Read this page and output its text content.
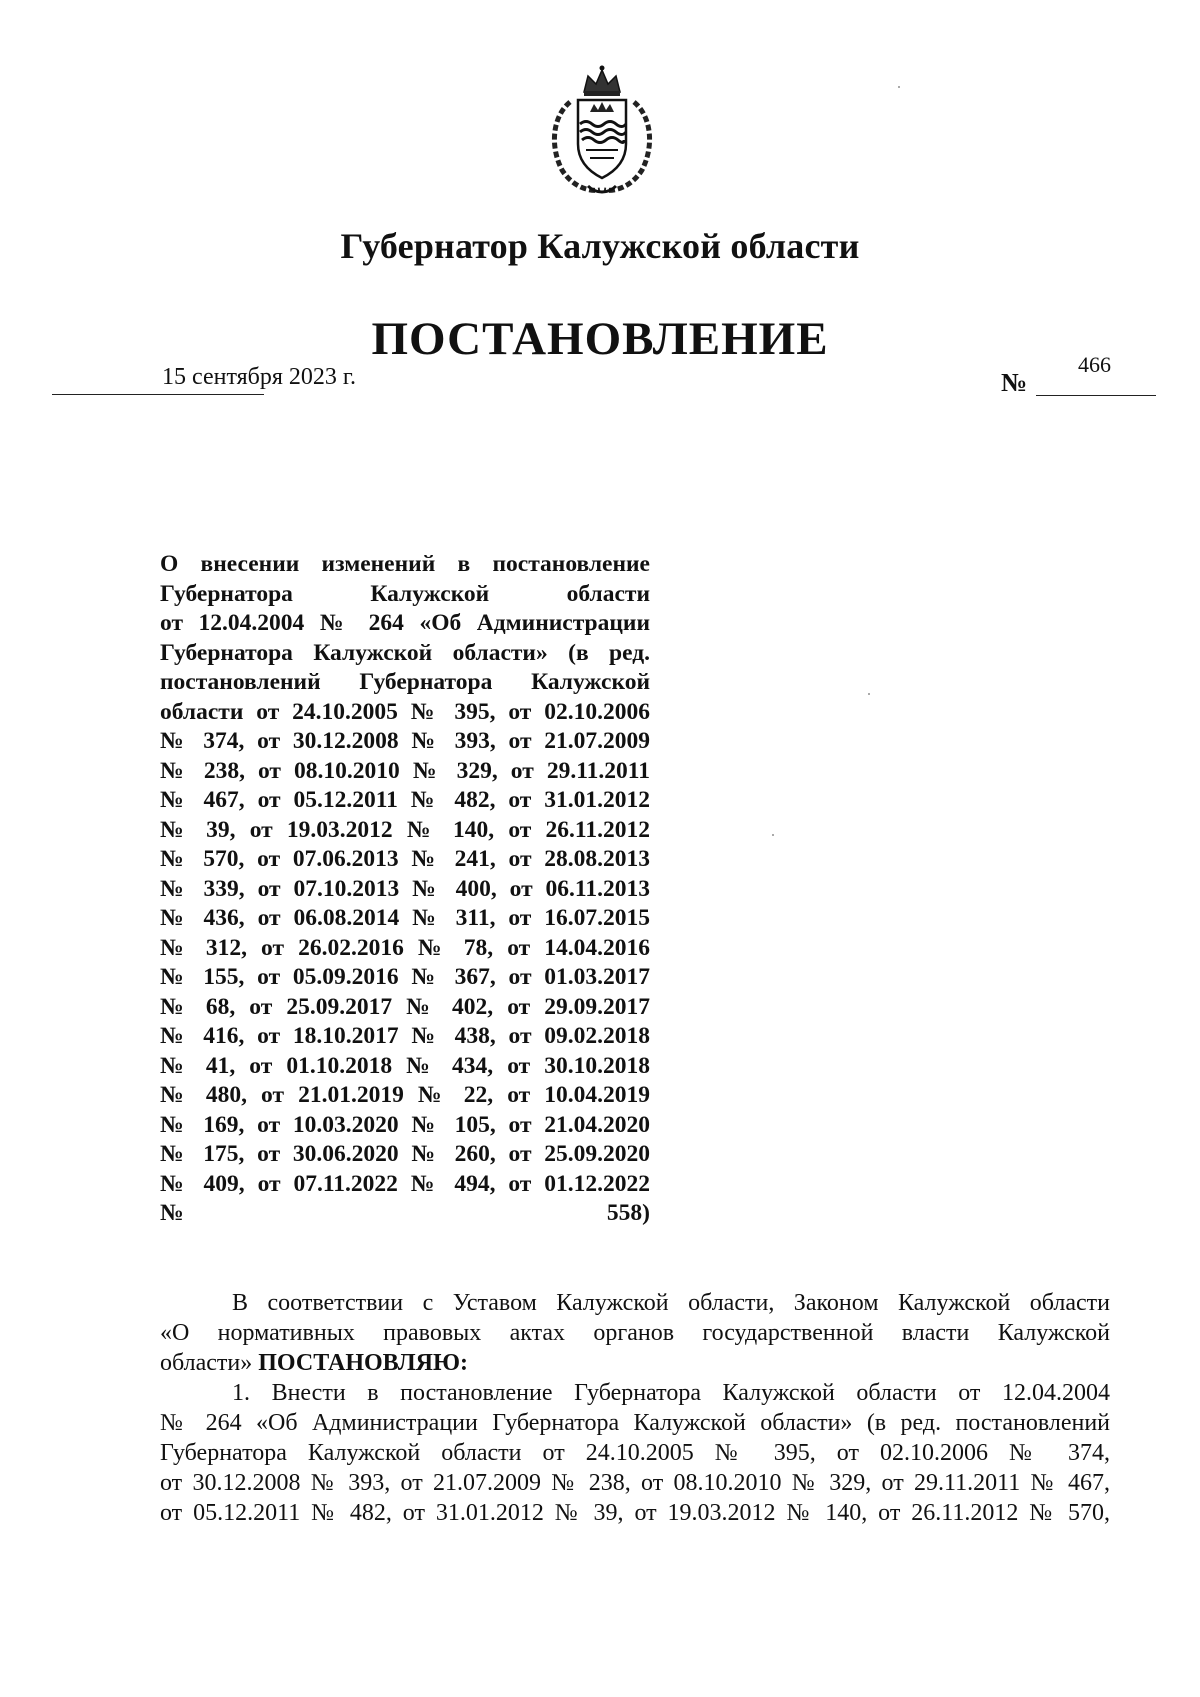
Губернатор Калужской области
ПОСТАНОВЛЕНИЕ
15 сентября 2023 г.	№
466
О внесении изменений в постановление
Губернатора Калужской области
от 12.04.2004 № 264 «Об Администрации
Губернатора Калужской области» (в ред.
постановлений Губернатора Калужской
области от 24.10.2005 № 395, от 02.10.2006
№ 374, от 30.12.2008 № 393, от 21.07.2009
№ 238, от 08.10.2010 № 329, от 29.11.2011
№ 467, от 05.12.2011 № 482, от 31.01.2012
№ 39, от 19.03.2012 № 140, от 26.11.2012
№ 570, от 07.06.2013 № 241, от 28.08.2013
№ 339, от 07.10.2013 № 400, от 06.11.2013
№ 436, от 06.08.2014 № 311, от 16.07.2015
№ 312, от 26.02.2016 № 78, от 14.04.2016
№ 155, от 05.09.2016 № 367, от 01.03.2017
№ 68, от 25.09.2017 № 402, от 29.09.2017
№ 416, от 18.10.2017 № 438, от 09.02.2018
№ 41, от 01.10.2018 № 434, от 30.10.2018
№ 480, от 21.01.2019 № 22, от 10.04.2019
№ 169, от 10.03.2020 № 105, от 21.04.2020
№ 175, от 30.06.2020 № 260, от 25.09.2020
№ 409, от 07.11.2022 № 494, от 01.12.2022
№ 558)
В соответствии с Уставом Калужской области, Законом Калужской области
«О нормативных правовых актах органов государственной власти Калужской
области» ПОСТАНОВЛЯЮ:
1. Внести в постановление Губернатора Калужской области от 12.04.2004
№ 264 «Об Администрации Губернатора Калужской области» (в ред. постановлений
Губернатора Калужской области от 24.10.2005 № 395, от 02.10.2006 № 374,
от 30.12.2008 № 393, от 21.07.2009 № 238, от 08.10.2010 № 329, от 29.11.2011 № 467,
от 05.12.2011 № 482, от 31.01.2012 № 39, от 19.03.2012 № 140, от 26.11.2012 № 570,
